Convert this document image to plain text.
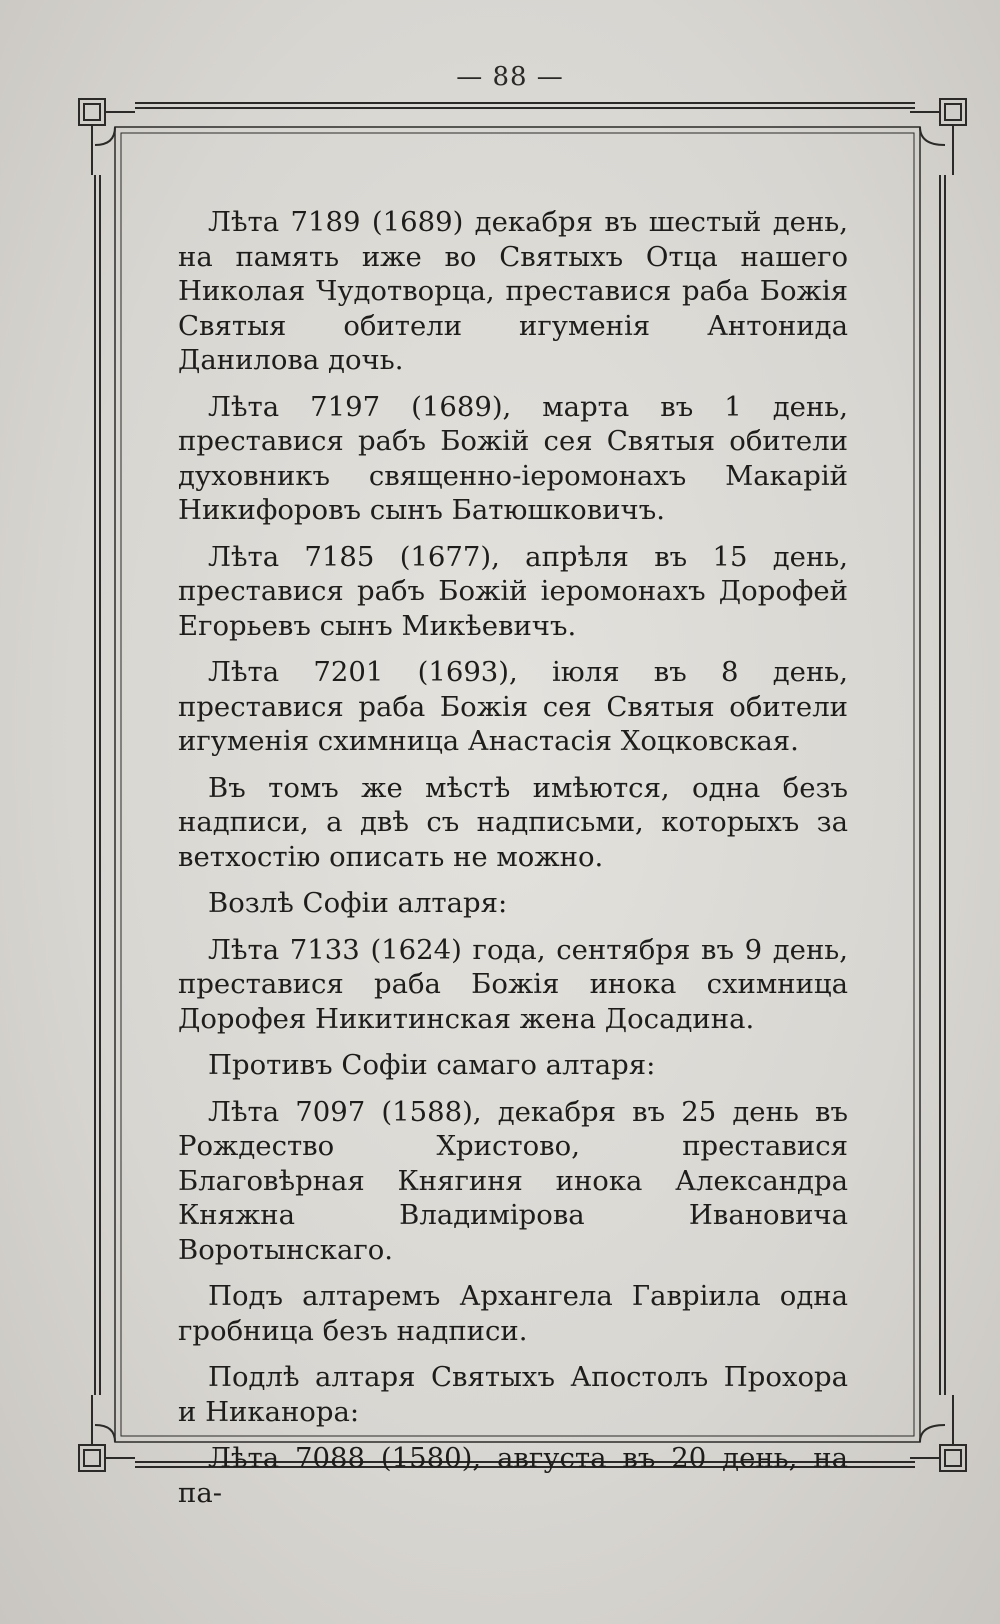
— 88 —

Лѣта 7189 (1689) декабря въ шестый день, на память иже во Святыхъ Отца нашего Николая Чудотворца, преставися раба Божія Святыя обители игуменія Антонида Данилова дочь.

Лѣта 7197 (1689), марта въ 1 день, преставися рабъ Божій сея Святыя обители духовникъ священно-іеромонахъ Макарій Никифоровъ сынъ Батюшковичъ.

Лѣта 7185 (1677), апрѣля въ 15 день, преставися рабъ Божій іеромонахъ Дорофей Егорьевъ сынъ Микѣевичъ.

Лѣта 7201 (1693), іюля въ 8 день, преставися раба Божія сея Святыя обители игуменія схимница Анастасія Хоцковская.

Въ томъ же мѣстѣ имѣются, одна безъ надписи, а двѣ съ надписьми, которыхъ за ветхостію описать не можно.

Возлѣ Софіи алтаря:

Лѣта 7133 (1624) года, сентября въ 9 день, преставися раба Божія инока схимница Дорофея Никитинская жена Досадина.

Противъ Софіи самаго алтаря:

Лѣта 7097 (1588), декабря въ 25 день въ Рождество Христово, преставися Благовѣрная Княгиня инока Александра Княжна Владиміровa Ивановича Воротынскаго.

Подъ алтаремъ Архангела Гавріила одна гробница безъ надписи.

Подлѣ алтаря Святыхъ Апостолъ Прохора и Никанора:

Лѣта 7088 (1580), августа въ 20 день, на па-
